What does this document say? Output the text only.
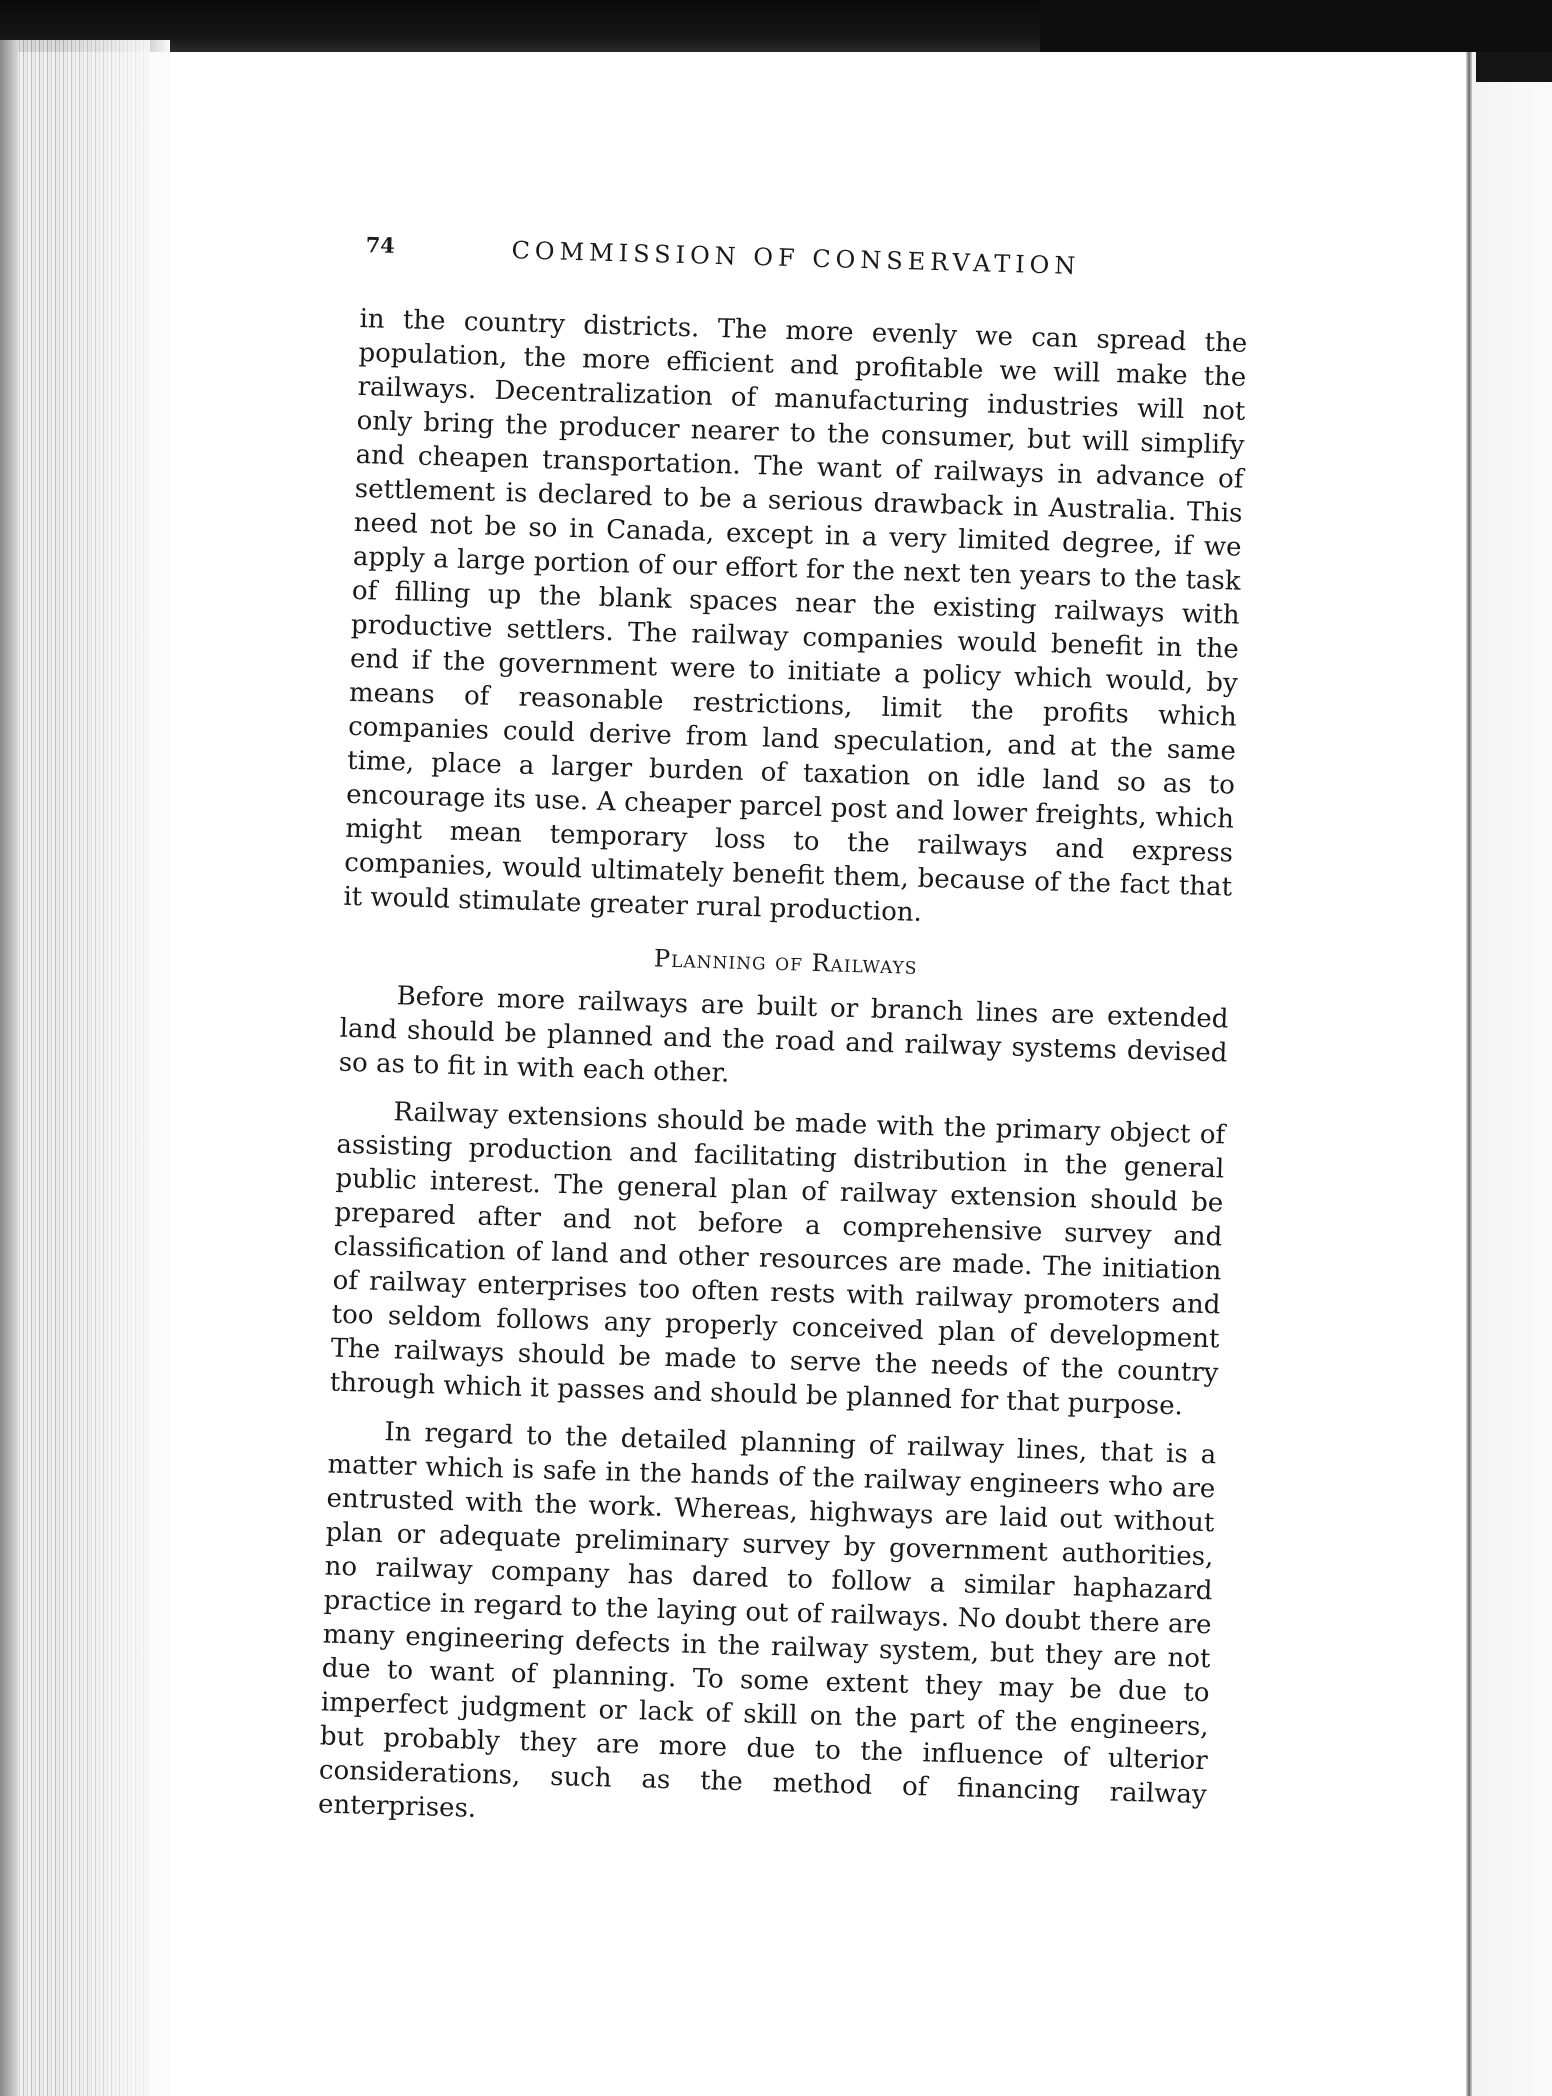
74	COMMISSION OF CONSERVATION

in the country districts. The more evenly we can spread the population, the more efficient and profitable we will make the railways. Decentralization of manufacturing industries will not only bring the producer nearer to the consumer, but will simplify and cheapen transportation. The want of railways in advance of settlement is declared to be a serious drawback in Australia. This need not be so in Canada, except in a very limited degree, if we apply a large portion of our effort for the next ten years to the task of filling up the blank spaces near the existing railways with productive settlers. The railway companies would benefit in the end if the government were to initiate a policy which would, by means of reasonable restrictions, limit the profits which companies could derive from land speculation, and at the same time, place a larger burden of taxation on idle land so as to encourage its use. A cheaper parcel post and lower freights, which might mean temporary loss to the railways and express companies, would ultimately benefit them, because of the fact that it would stimulate greater rural production.

Planning of Railways

Before more railways are built or branch lines are extended land should be planned and the road and railway systems devised so as to fit in with each other.

Railway extensions should be made with the primary object of assisting production and facilitating distribution in the general public interest. The general plan of railway extension should be prepared after and not before a comprehensive survey and classification of land and other resources are made. The initiation of railway enterprises too often rests with railway promoters and too seldom follows any properly conceived plan of development The railways should be made to serve the needs of the country through which it passes and should be planned for that purpose.

In regard to the detailed planning of railway lines, that is a matter which is safe in the hands of the railway engineers who are entrusted with the work. Whereas, highways are laid out without plan or adequate preliminary survey by government authorities, no railway company has dared to follow a similar haphazard practice in regard to the laying out of railways. No doubt there are many engineering defects in the railway system, but they are not due to want of planning. To some extent they may be due to imperfect judgment or lack of skill on the part of the engineers, but probably they are more due to the influence of ulterior considerations, such as the method of financing railway enterprises.
